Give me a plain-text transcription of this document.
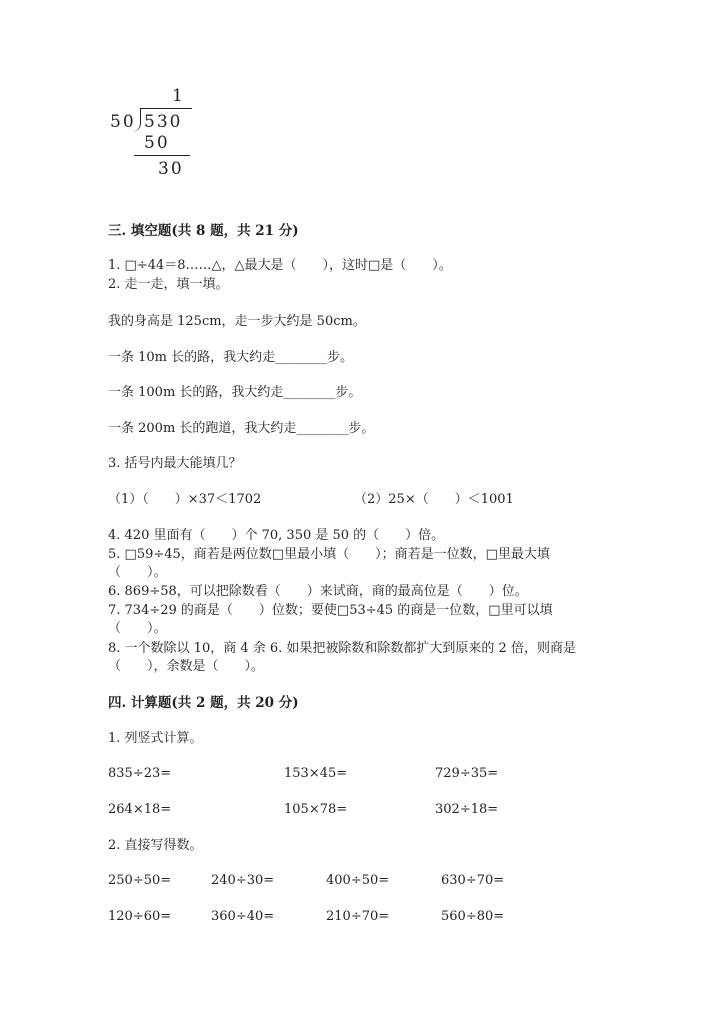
1
50 530
50
30
三. 填空题(共 8 题，共 21 分)
1. □÷44＝8……△，△最大是（　　），这时□是（　　）。
2. 走一走，填一填。
我的身高是 125cm，走一步大约是 50cm。
一条 10m 长的路，我大约走________步。
一条 100m 长的路，我大约走________步。
一条 200m 长的跑道，我大约走________步。
3. 括号内最大能填几？
（1）（　　）×37＜1702	（2）25×（　　）＜1001
4. 420 里面有（　　）个 70, 350 是 50 的（　　）倍。
5. □59÷45，商若是两位数□里最小填（　　）；商若是一位数，□里最大填
（　　）。
6. 869÷58，可以把除数看（　　）来试商，商的最高位是（　　）位。
7. 734÷29 的商是（　　）位数；要使□53÷45 的商是一位数，□里可以填
（　　）。
8. 一个数除以 10，商 4 余 6. 如果把被除数和除数都扩大到原来的 2 倍，则商是
（　　），余数是（　　）。
四. 计算题(共 2 题，共 20 分)
1. 列竖式计算。
835÷23=	153×45=	729÷35=
264×18=	105×78=	302÷18=
2. 直接写得数。
250÷50=	240÷30=	400÷50=	630÷70=
120÷60=	360÷40=	210÷70=	560÷80=
